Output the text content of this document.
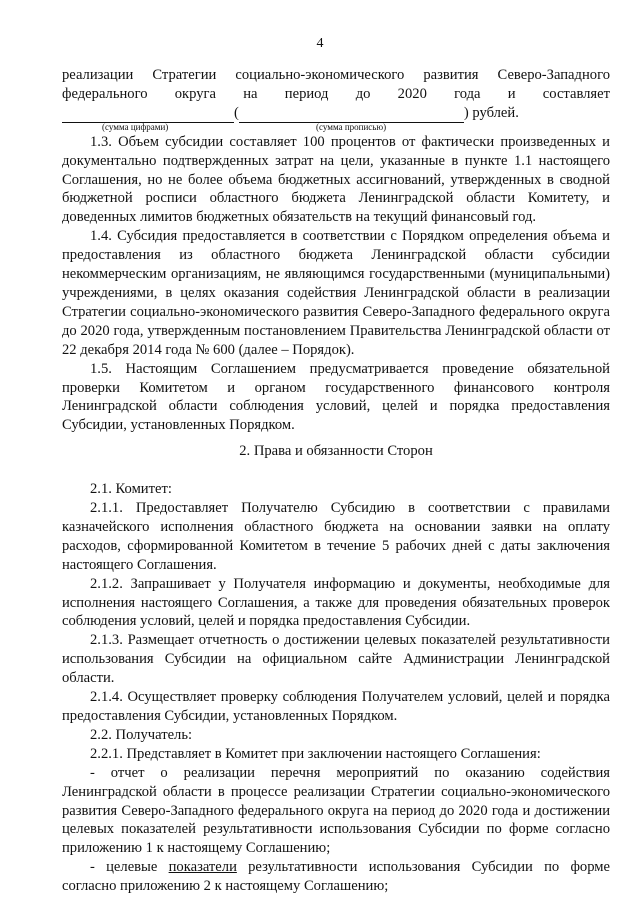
4

реализации Стратегии социально-экономического развития Северо-Западного

федерального округа на период до 2020 года и составляет

(	) рублей.
(сумма цифрами)	(сумма прописью)

1.3. Объем субсидии составляет 100 процентов от фактически произведенных и документально подтвержденных затрат на цели, указанные в пункте 1.1 настоящего Соглашения, но не более объема бюджетных ассигнований, утвержденных в сводной бюджетной росписи областного бюджета Ленинградской области Комитету, и доведенных лимитов бюджетных обязательств на текущий финансовый год.

1.4. Субсидия предоставляется в соответствии с Порядком определения объема и предоставления из областного бюджета Ленинградской области субсидии некоммерческим организациям, не являющимся государственными (муниципальными) учреждениями, в целях оказания содействия Ленинградской области в реализации Стратегии социально-экономического развития Северо-Западного федерального округа до 2020 года, утвержденным постановлением Правительства Ленинградской области от 22 декабря 2014 года № 600 (далее – Порядок).

1.5. Настоящим Соглашением предусматривается проведение обязательной проверки Комитетом и органом государственного финансового контроля Ленинградской области соблюдения условий, целей и порядка предоставления Субсидии, установленных Порядком.

2. Права и обязанности Сторон

2.1. Комитет:

2.1.1. Предоставляет Получателю Субсидию в соответствии с правилами казначейского исполнения областного бюджета на основании заявки на оплату расходов, сформированной Комитетом в течение 5 рабочих дней с даты заключения настоящего Соглашения.

2.1.2. Запрашивает у Получателя информацию и документы, необходимые для исполнения настоящего Соглашения, а также для проведения обязательных проверок соблюдения условий, целей и порядка предоставления Субсидии.

2.1.3. Размещает отчетность о достижении целевых показателей результативности использования Субсидии на официальном сайте Администрации Ленинградской области.

2.1.4. Осуществляет проверку соблюдения Получателем условий, целей и порядка предоставления Субсидии, установленных Порядком.

2.2. Получатель:

2.2.1. Представляет в Комитет при заключении настоящего Соглашения:

- отчет о реализации перечня мероприятий по оказанию содействия Ленинградской области в процессе реализации Стратегии социально-экономического развития Северо-Западного федерального округа на период до 2020 года и достижении целевых показателей результативности использования Субсидии по форме согласно приложению 1 к настоящему Соглашению;

- целевые показатели результативности использования Субсидии по форме согласно приложению 2 к настоящему Соглашению;
